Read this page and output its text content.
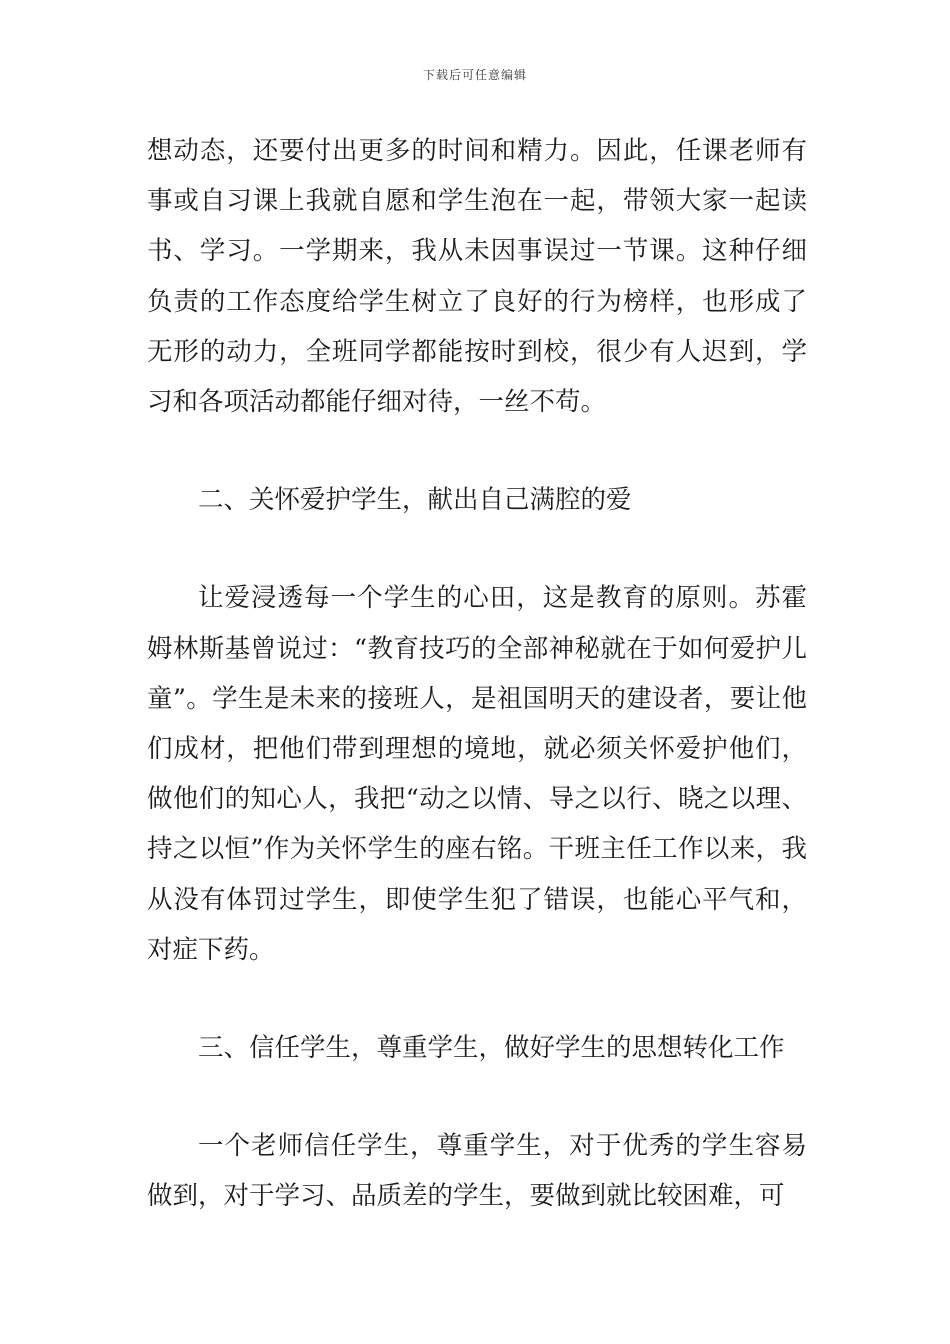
下载后可任意编辑

想动态，还要付出更多的时间和精力。因此，任课老师有事或自习课上我就自愿和学生泡在一起，带领大家一起读书、学习。一学期来，我从未因事误过一节课。这种仔细负责的工作态度给学生树立了良好的行为榜样，也形成了无形的动力，全班同学都能按时到校，很少有人迟到，学习和各项活动都能仔细对待，一丝不苟。

二、关怀爱护学生，献出自己满腔的爱

让爱浸透每一个学生的心田，这是教育的原则。苏霍姆林斯基曾说过：“教育技巧的全部神秘就在于如何爱护儿童”。学生是未来的接班人，是祖国明天的建设者，要让他们成材，把他们带到理想的境地，就必须关怀爱护他们，做他们的知心人，我把“动之以情、导之以行、晓之以理、持之以恒”作为关怀学生的座右铭。干班主任工作以来，我从没有体罚过学生，即使学生犯了错误，也能心平气和，对症下药。

三、信任学生，尊重学生，做好学生的思想转化工作

一个老师信任学生，尊重学生，对于优秀的学生容易做到，对于学习、品质差的学生，要做到就比较困难，可
